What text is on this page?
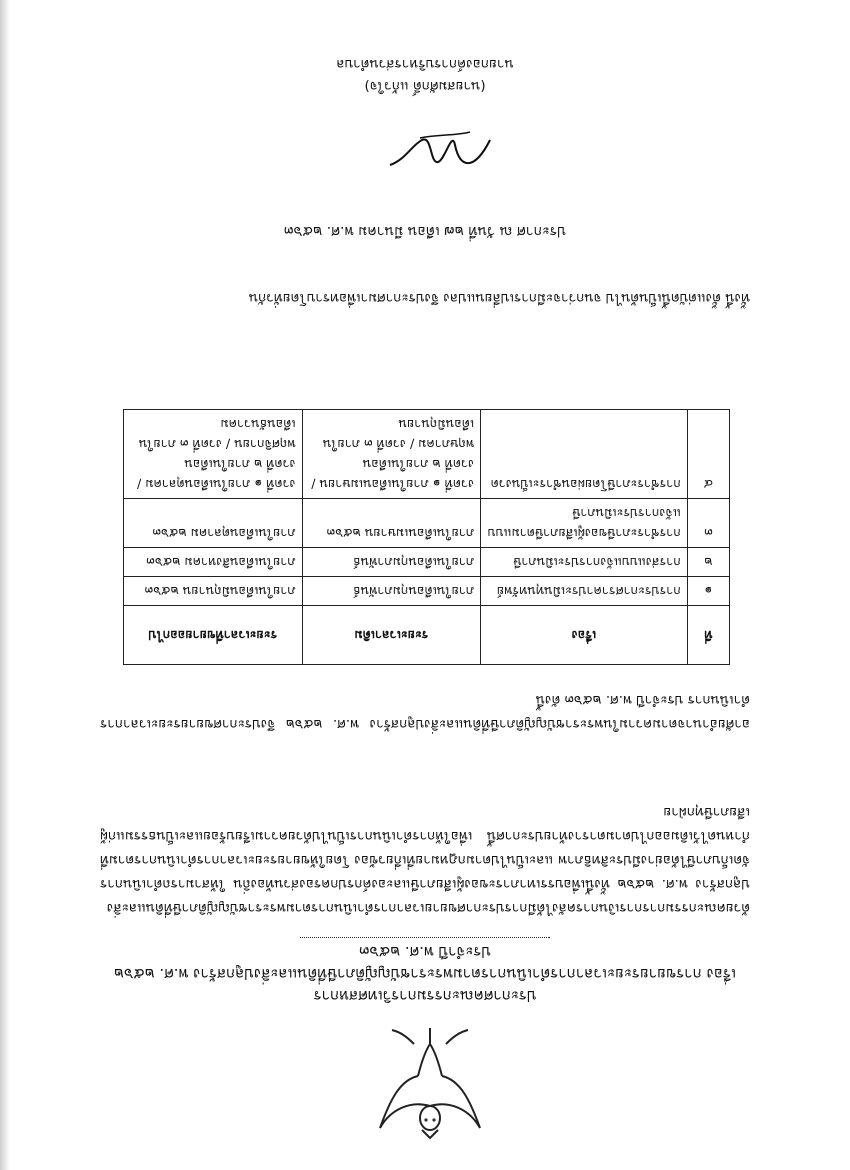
ประกาศคณะกรรมการวิเทศสหการ
เรื่อง การขยายระยะเวลาการดำเนินการตามพระราชบัญญัติภาษีที่ดินและสิ่งปลูกสร้าง พ.ศ. ๒๕๖๒
ประจำปี พ.ศ. ๒๕๖๓
ด้วยคณะกรรมการการเงินการคลังได้มีการประกาศขยายเวลาการดำเนินการตามพระราชบัญญัติภาษีที่ดินและสิ่งปลูกสร้าง พ.ศ. ๒๕๖๒ ทั้งนี้เพื่อบรรเทาภาระของผู้เสียภาษีและองค์กรปกครองส่วนท้องถิ่น ให้สามารถดำเนินการจัดเก็บภาษีได้อย่างมีประสิทธิภาพ และเป็นไปตามกฎหมายที่เกี่ยวข้อง โดยให้ขยายระยะเวลาการดำเนินการตามที่กำหนดไว้เดิมออกไปตามตารางท้ายประกาศนี้ เพื่อให้การดำเนินการเป็นไปด้วยความเรียบร้อยและเป็นธรรมแก่ผู้เสียภาษีทุกฝ่าย
อาศัยอำนาจตามความในพระราชบัญญัติภาษีที่ดินและสิ่งปลูกสร้าง พ.ศ. ๒๕๖๒ จึงประกาศขยายระยะเวลาการดำเนินการ ประจำปี พ.ศ. ๒๕๖๓ ดังนี้
ที่	เรื่อง	ระยะเวลาเดิม	ระยะเวลาที่ขยายออกไป
๑	การประกาศราคาประเมินทุนทรัพย์	ภายในเดือนกุมภาพันธ์	ภายในเดือนมิถุนายน ๒๕๖๓
๒	การส่งแบบแจ้งการประเมินภาษี	ภายในเดือนกุมภาพันธ์	ภายในเดือนสิงหาคม ๒๕๖๓
๓	การชำระภาษีของผู้เสียภาษีตามแบบแจ้งการประเมินภาษี	ภายในเดือนเมษายน ๒๕๖๓	ภายในเดือนตุลาคม ๒๕๖๓
๔	การชำระภาษีโดยผ่อนชำระเป็นงวด	งวดที่ ๑ ภายในเดือนเมษายน / งวดที่ ๒ ภายในเดือนพฤษภาคม / งวดที่ ๓ ภายในเดือนมิถุนายน	งวดที่ ๑ ภายในเดือนตุลาคม / งวดที่ ๒ ภายในเดือนพฤศจิกายน / งวดที่ ๓ ภายในเดือนธันวาคม
ทั้งนี้ ตั้งแต่บัดนี้เป็นต้นไป จนกว่าจะมีการเปลี่ยนแปลง จึงประกาศมาเพื่อทราบโดยทั่วกัน
ประกาศ ณ วันที่ ๒๗ เดือน มีนาคม พ.ศ. ๒๕๖๓
(นายสมศักดิ์ แก้วใจ)
นายกองค์การบริหารส่วนตำบล
